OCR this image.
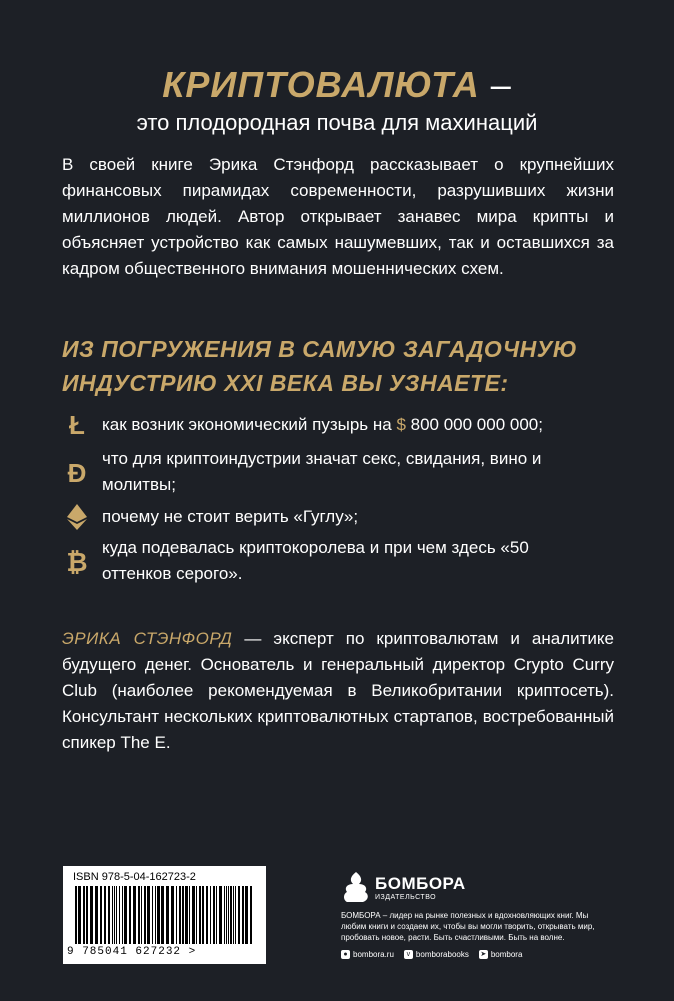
КРИПТОВАЛЮТА –
это плодородная почва для махинаций
В своей книге Эрика Стэнфорд рассказывает о крупнейших финансовых пирамидах современности, разрушивших жизни миллионов людей. Автор открывает занавес мира крипты и объясняет устройство как самых нашумевших, так и оставшихся за кадром общественного внимания мошеннических схем.
ИЗ ПОГРУЖЕНИЯ В САМУЮ ЗАГАДОЧНУЮ ИНДУСТРИЮ XXI ВЕКА ВЫ УЗНАЕТЕ:
Ł	как возник экономический пузырь на $ 800 000 000 000;
Ð что для криптоиндустрии значат секс, свидания, вино и молитвы;
почему не стоит верить «Гуглу»;
₿ куда подевалась криптокоролева и при чем здесь «50 оттенков серого».
ЭРИКА СТЭНФОРД — эксперт по криптовалютам и аналитике будущего денег. Основатель и генеральный директор Crypto Curry Club (наиболее рекомендуемая в Великобритании криптосеть). Консультант нескольких криптовалютных стартапов, востребованный спикер The E.
ISBN 978-5-04-162723-2
9 785041 627232 >
БОМБОРА
ИЗДАТЕЛЬСТВО
БОМБОРА – лидер на рынке полезных и вдохновляющих книг. Мы любим книги и создаем их, чтобы вы могли творить, открывать мир, пробовать новое, расти. Быть счастливыми. Быть на волне.
● bombora.ru	v bomborabooks ➤ bombora
